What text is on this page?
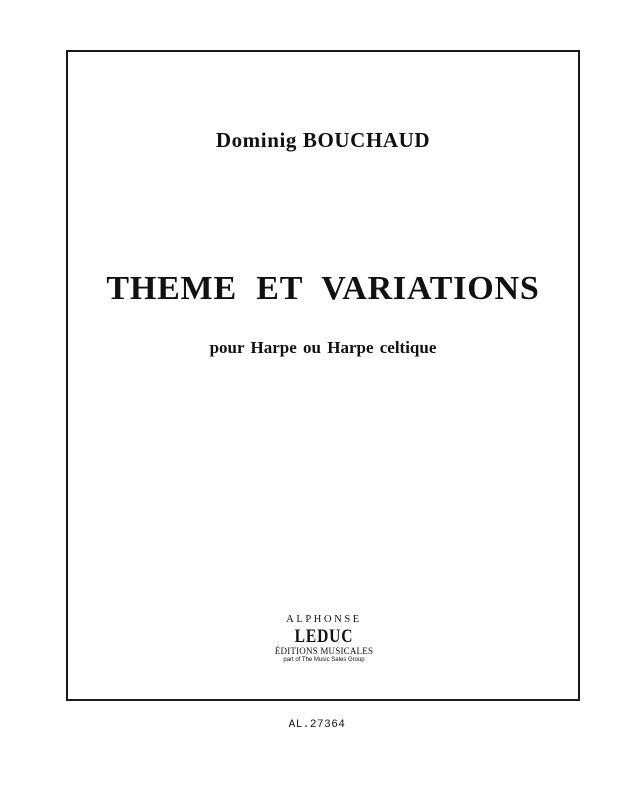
Dominig BOUCHAUD
THEME ET VARIATIONS
pour Harpe ou Harpe celtique
ALPHONSE
LEDUC
ÉDITIONS MUSICALES
part of The Music Sales Group
AL.27364
